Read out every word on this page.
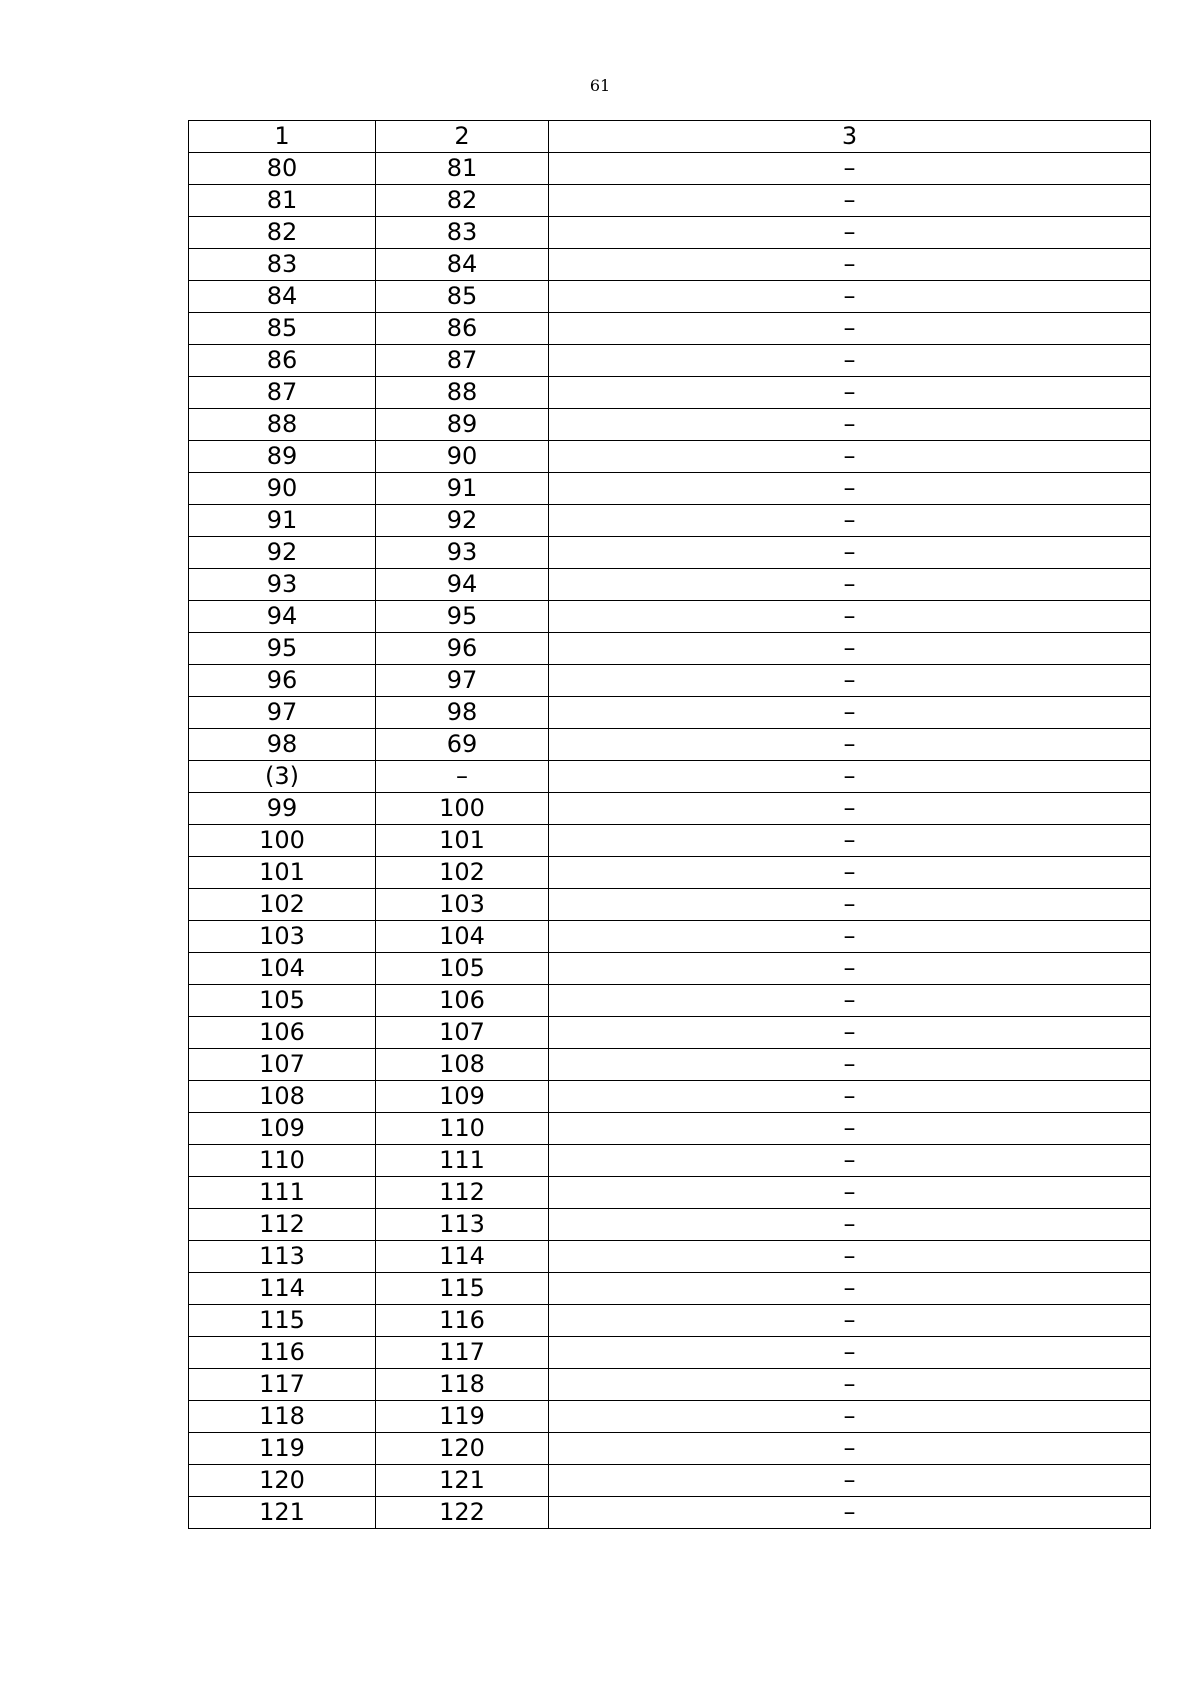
61
1	2	3
80	81	–
81	82	–
82	83	–
83	84	–
84	85	–
85	86	–
86	87	–
87	88	–
88	89	–
89	90	–
90	91	–
91	92	–
92	93	–
93	94	–
94	95	–
95	96	–
96	97	–
97	98	–
98	69	–
(3)	–	–
99	100	–
100	101	–
101	102	–
102	103	–
103	104	–
104	105	–
105	106	–
106	107	–
107	108	–
108	109	–
109	110	–
110	111	–
111	112	–
112	113	–
113	114	–
114	115	–
115	116	–
116	117	–
117	118	–
118	119	–
119	120	–
120	121	–
121	122	–
